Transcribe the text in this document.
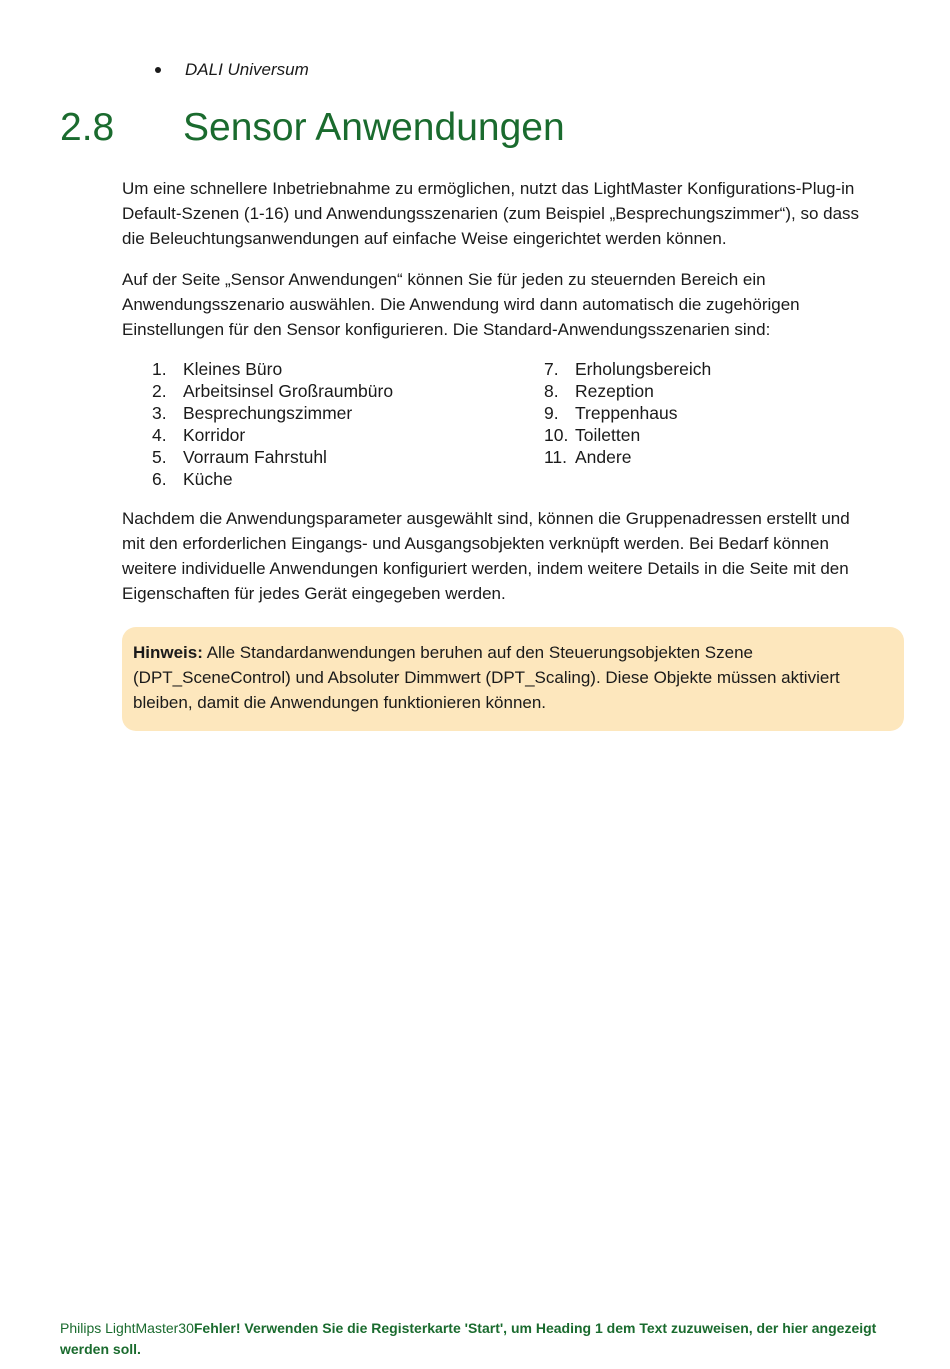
DALI Universum
2.8	Sensor Anwendungen

Um eine schnellere Inbetriebnahme zu ermöglichen, nutzt das LightMaster Konfigurations-Plug-in Default-Szenen (1-16) und Anwendungsszenarien (zum Beispiel „Besprechungszimmer“), so dass die Beleuchtungsanwendungen auf einfache Weise eingerichtet werden können.

Auf der Seite „Sensor Anwendungen“ können Sie für jeden zu steuernden Bereich ein Anwendungsszenario auswählen. Die Anwendung wird dann automatisch die zugehörigen Einstellungen für den Sensor konfigurieren. Die Standard-Anwendungsszenarien sind:

1. Kleines Büro
2. Arbeitsinsel Großraumbüro
3. Besprechungszimmer
4. Korridor
5. Vorraum Fahrstuhl
6. Küche
7. Erholungsbereich
8. Rezeption
9. Treppenhaus
10. Toiletten
11. Andere

Nachdem die Anwendungsparameter ausgewählt sind, können die Gruppenadressen erstellt und mit den erforderlichen Eingangs- und Ausgangsobjekten verknüpft werden. Bei Bedarf können weitere individuelle Anwendungen konfiguriert werden, indem weitere Details in die Seite mit den Eigenschaften für jedes Gerät eingegeben werden.

Hinweis: Alle Standardanwendungen beruhen auf den Steuerungsobjekten Szene (DPT_SceneControl) und Absoluter Dimmwert (DPT_Scaling). Diese Objekte müssen aktiviert bleiben, damit die Anwendungen funktionieren können.
Philips LightMaster30Fehler! Verwenden Sie die Registerkarte 'Start', um Heading 1 dem Text zuzuweisen, der hier angezeigt werden soll.
